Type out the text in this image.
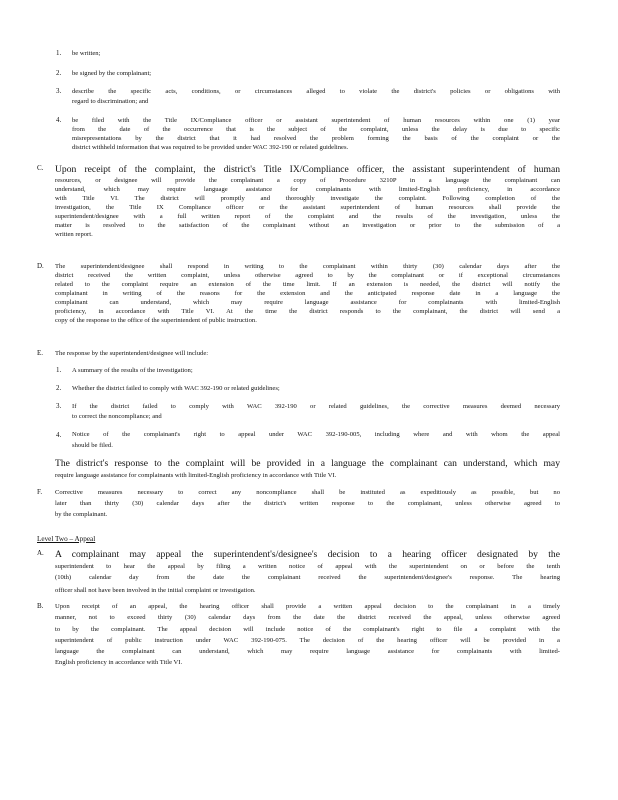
1. be written;
2. be signed by the complainant;
3. describe the specific acts, conditions, or circumstances alleged to violate the district's policies or obligations with
regard to discrimination; and
4. be filed with the Title IX/Compliance officer or assistant superintendent of human resources within one (1) year
from the date of the occurrence that is the subject of the complaint, unless the delay is due to specific
misrepresentations by the district that it had resolved the problem forming the basis of the complaint or the
district withheld information that was required to be provided under WAC 392-190 or related guidelines.
C. Upon receipt of the complaint, the district's Title IX/Compliance officer, the assistant superintendent of human
resources, or designee will provide the complainant a copy of Procedure 3210P in a language the complainant can
understand, which may require language assistance for complainants with limited-English proficiency, in accordance
with Title VI. The district will promptly and thoroughly investigate the complaint. Following completion of the
investigation, the Title IX Compliance officer or the assistant superintendent of human resources shall provide the
superintendent/designee with a full written report of the complaint and the results of the investigation, unless the
matter is resolved to the satisfaction of the complainant without an investigation or prior to the submission of a
written report.
D. The superintendent/designee shall respond in writing to the complainant within thirty (30) calendar days after the
district received the written complaint, unless otherwise agreed to by the complainant or if exceptional circumstances
related to the complaint require an extension of the time limit. If an extension is needed, the district will notify the
complainant in writing of the reasons for the extension and the anticipated response date in a language the
complainant can understand, which may require language assistance for complainants with limited-English
proficiency, in accordance with Title VI. At the time the district responds to the complainant, the district will send a
copy of the response to the office of the superintendent of public instruction.
E. The response by the superintendent/designee will include:
1. A summary of the results of the investigation;
2. Whether the district failed to comply with WAC 392-190 or related guidelines;
3. If the district failed to comply with WAC 392-190 or related guidelines, the corrective measures deemed necessary
to correct the noncompliance; and
4. Notice of the complainant's right to appeal under WAC 392-190-005, including where and with whom the appeal
should be filed.
The district's response to the complaint will be provided in a language the complainant can understand, which may
require language assistance for complainants with limited-English proficiency in accordance with Title VI.
F. Corrective measures necessary to correct any noncompliance shall be instituted as expeditiously as possible, but no
later than thirty (30) calendar days after the district's written response to the complainant, unless otherwise agreed to
by the complainant.
Level Two – Appeal
A. A complainant may appeal the superintendent's/designee's decision to a hearing officer designated by the
superintendent to hear the appeal by filing a written notice of appeal with the superintendent on or before the tenth
(10th) calendar day from the date the complainant received the superintendent/designee's response. The hearing
officer shall not have been involved in the initial complaint or investigation.
B. Upon receipt of an appeal, the hearing officer shall provide a written appeal decision to the complainant in a timely
manner, not to exceed thirty (30) calendar days from the date the district received the appeal, unless otherwise agreed
to by the complainant. The appeal decision will include notice of the complainant's right to file a complaint with the
superintendent of public instruction under WAC 392-190-075. The decision of the hearing officer will be provided in a
language the complainant can understand, which may require language assistance for complainants with limited-
English proficiency in accordance with Title VI.
